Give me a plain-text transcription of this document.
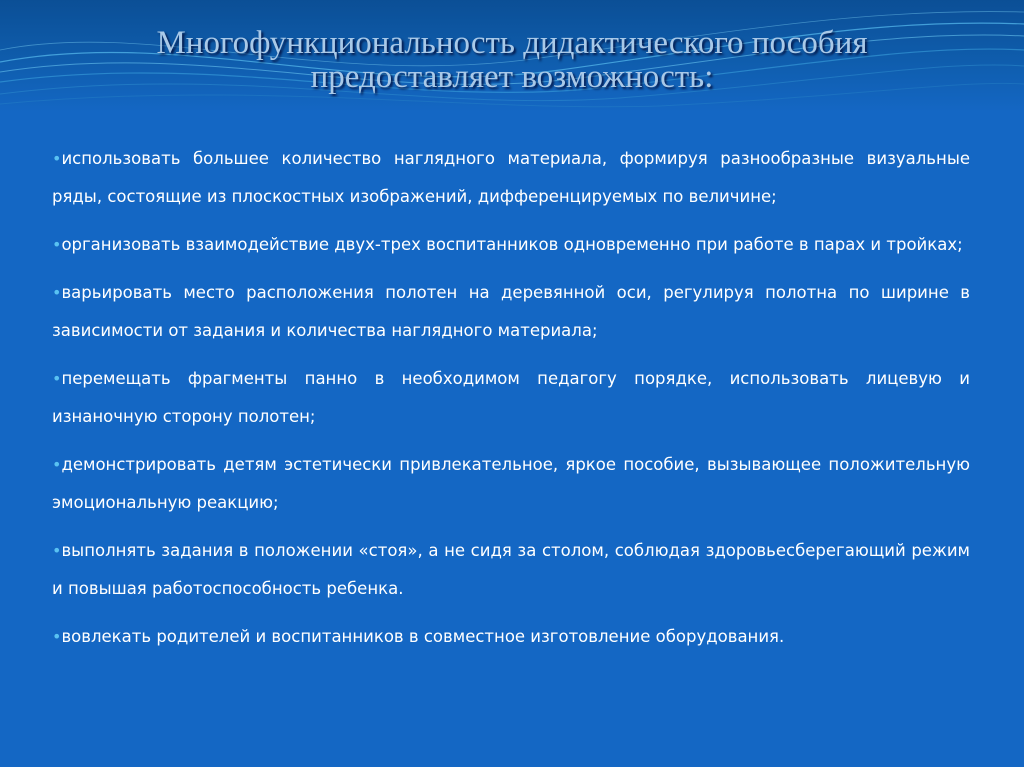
Многофункциональность дидактического пособия
предоставляет возможность:
•использовать большее количество наглядного материала, формируя разнообразные визуальные ряды, состоящие из плоскостных изображений, дифференцируемых по величине;
•организовать взаимодействие двух-трех воспитанников одновременно при работе в парах и тройках;
•варьировать место расположения полотен на деревянной оси, регулируя полотна по ширине в зависимости от задания и количества наглядного материала;
•перемещать фрагменты панно в необходимом педагогу порядке, использовать лицевую и изнаночную сторону полотен;
•демонстрировать детям эстетически привлекательное, яркое пособие, вызывающее положительную эмоциональную реакцию;
•выполнять задания в положении «стоя», а не сидя за столом, соблюдая здоровьесберегающий режим и повышая работоспособность ребенка.
•вовлекать родителей и воспитанников в совместное изготовление оборудования.
